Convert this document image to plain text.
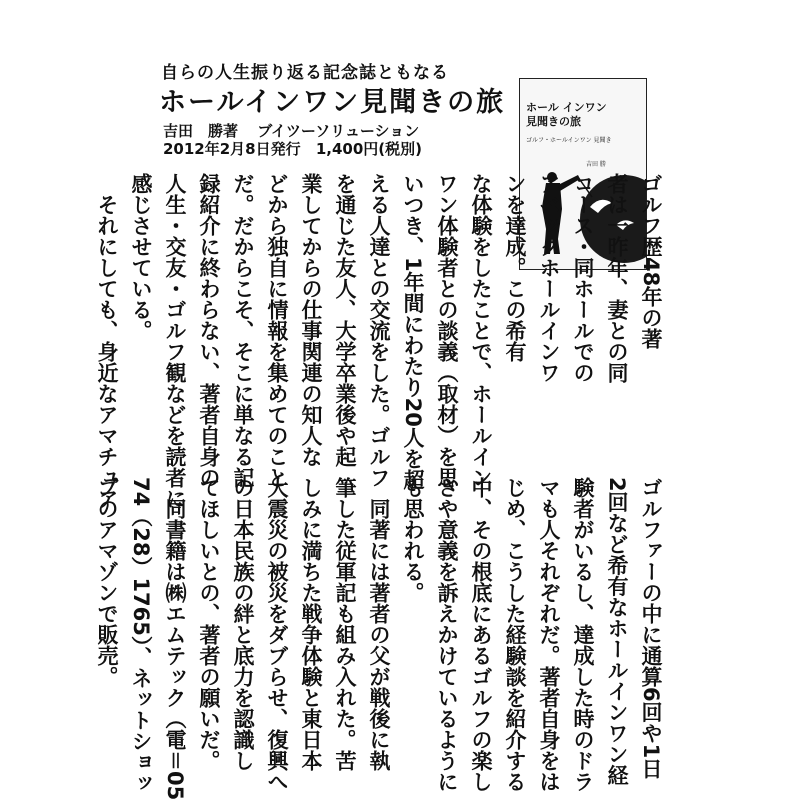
自らの人生振り返る記念誌ともなる
ホールインワン見聞きの旅
吉田　勝著 ブイツーソリューション
2012年2月8日発行 1,400円(税別)
ホール インワン
見聞きの旅
ゴルフ・ホールインワン 見聞き
吉田 勝
ゴルフ歴48年の著
者は一昨年、妻との同
コース・同ホールでの
アベックホールインワ
ンを達成。この希有
な体験をしたことで、ホールイン
ワン体験者との談義（取材）を思
いつき、1年間にわたり20人を超
える人達との交流をした。ゴルフ
を通じた友人、大学卒業後や起
業してからの仕事関連の知人な
どから独自に情報を集めてのこと
だ。だからこそ、そこに単なる記
録紹介に終わらない、著者自身の
人生・交友・ゴルフ観などを読者に
感じさせている。
　それにしても、身近なアマチュア
ゴルファーの中に通算6回や1日
2回など希有なホールインワン経
験者がいるし、達成した時のドラ
マも人それぞれだ。著者自身をは
じめ、こうした経験談を紹介する
中、その根底にあるゴルフの楽し
さや意義を訴えかけているように
も思われる。
　同著には著者の父が戦後に執
筆した従軍記も組み入れた。苦
しみに満ちた戦争体験と東日本
大震災の被災をダブらせ、復興へ
の日本民族の絆と底力を認識し
てほしいとの、著者の願いだ。
　同書籍は㈱エムテック（電＝05
74（28）1765）、ネットショッ
プのアマゾンで販売。
